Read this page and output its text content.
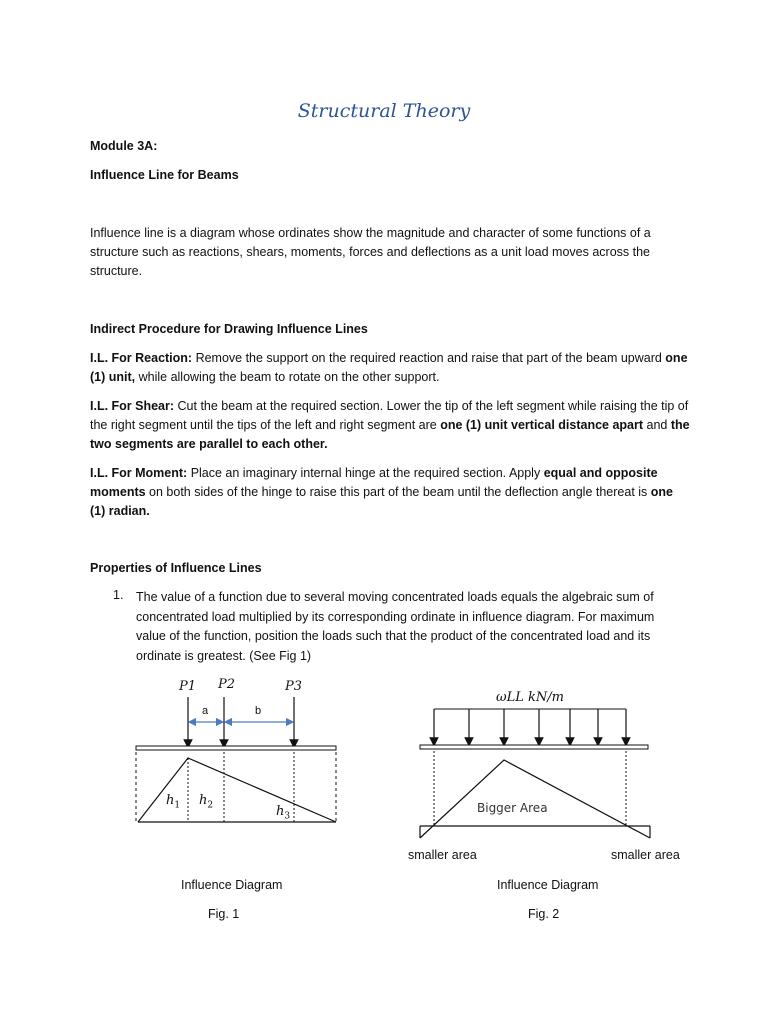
Structural Theory
Module 3A:
Influence Line for Beams
Influence line is a diagram whose ordinates show the magnitude and character of some functions of a structure such as reactions, shears, moments, forces and deflections as a unit load moves across the structure.
Indirect Procedure for Drawing Influence Lines
I.L. For Reaction: Remove the support on the required reaction and raise that part of the beam upward one (1) unit, while allowing the beam to rotate on the other support.
I.L. For Shear: Cut the beam at the required section. Lower the tip of the left segment while raising the tip of the right segment until the tips of the left and right segment are one (1) unit vertical distance apart and the two segments are parallel to each other.
I.L. For Moment: Place an imaginary internal hinge at the required section. Apply equal and opposite moments on both sides of the hinge to raise this part of the beam until the deflection angle thereat is one (1) radian.
Properties of Influence Lines
1. The value of a function due to several moving concentrated loads equals the algebraic sum of concentrated load multiplied by its corresponding ordinate in influence diagram. For maximum value of the function, position the loads such that the product of the concentrated load and its ordinate is greatest. (See Fig 1)
P1 P2	P3
a	b
$h_1$ $h_2$	$h_3$
Influence Diagram
Fig. 1
ωLL kN/m
Bigger Area
smaller area	smaller area
Influence Diagram
Fig. 2
